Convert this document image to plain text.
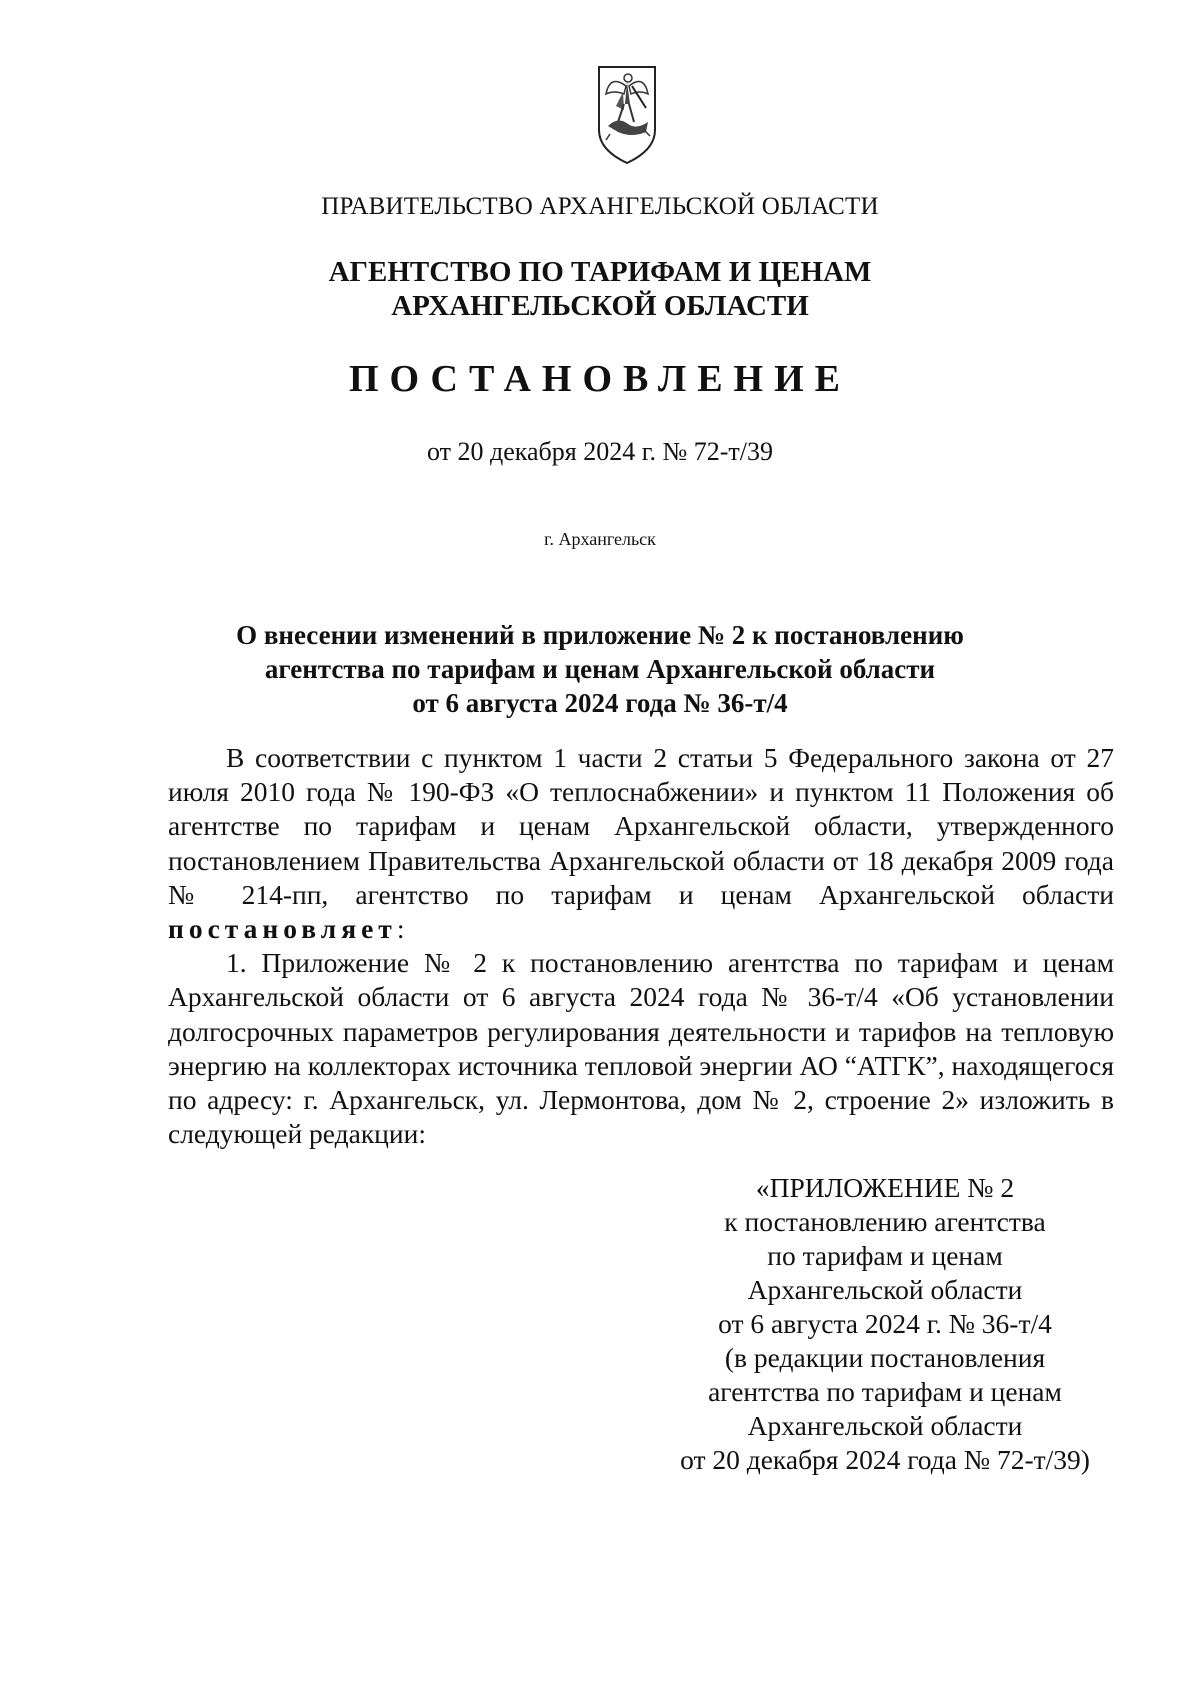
ПРАВИТЕЛЬСТВО АРХАНГЕЛЬСКОЙ ОБЛАСТИ
АГЕНТСТВО ПО ТАРИФАМ И ЦЕНАМ
АРХАНГЕЛЬСКОЙ ОБЛАСТИ
ПОСТАНОВЛЕНИЕ
от 20 декабря 2024 г. № 72-т/39
г. Архангельск
О внесении изменений в приложение № 2 к постановлению
агентства по тарифам и ценам Архангельской области
от 6 августа 2024 года № 36-т/4

В соответствии с пунктом 1 части 2 статьи 5 Федерального закона от 27 июля 2010 года № 190-ФЗ «О теплоснабжении» и пунктом 11 Положения об агентстве по тарифам и ценам Архангельской области, утвержденного постановлением Правительства Архангельской области от 18 декабря 2009 года № 214-пп, агентство по тарифам и ценам Архангельской области постановляет:

1. Приложение № 2 к постановлению агентства по тарифам и ценам Архангельской области от 6 августа 2024 года № 36-т/4 «Об установлении долгосрочных параметров регулирования деятельности и тарифов на тепловую энергию на коллекторах источника тепловой энергии АО “АТГК”, находящегося по адресу: г. Архангельск, ул. Лермонтова, дом № 2, строение 2» изложить в следующей редакции:

«ПРИЛОЖЕНИЕ № 2
к постановлению агентства
по тарифам и ценам
Архангельской области
от 6 августа 2024 г. № 36-т/4
(в редакции постановления
агентства по тарифам и ценам
Архангельской области
от 20 декабря 2024 года № 72-т/39)
